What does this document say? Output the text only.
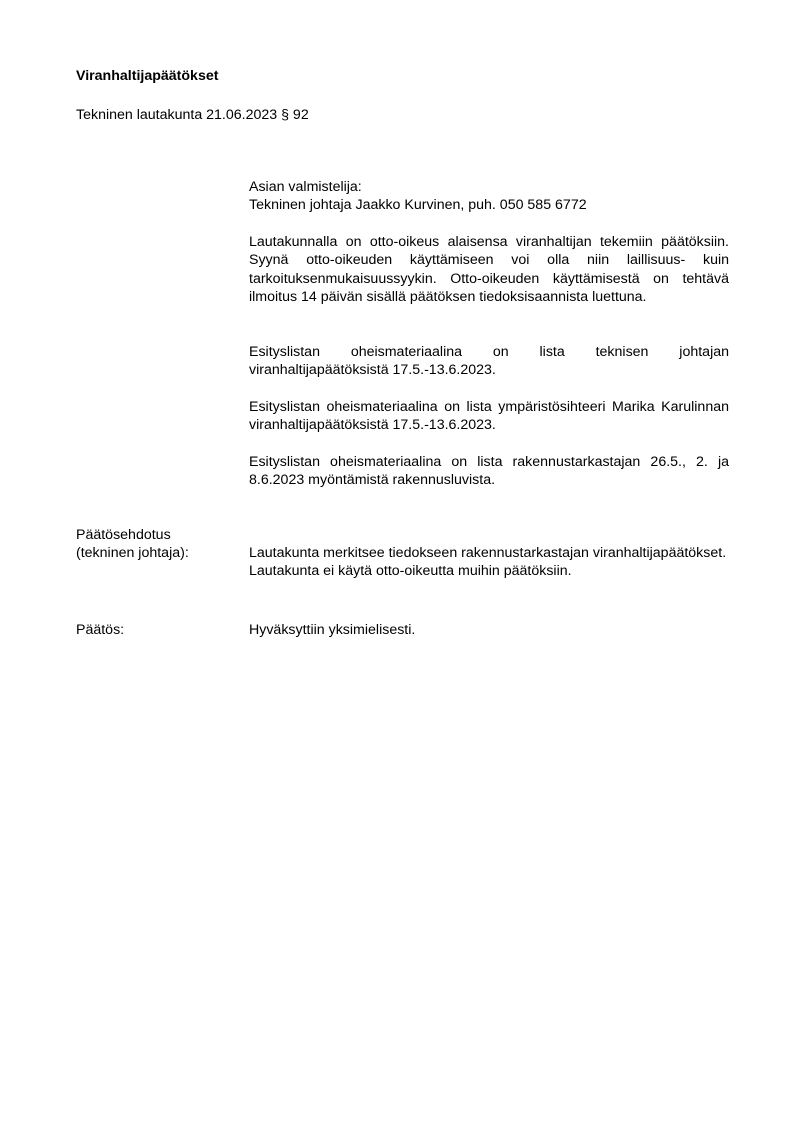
Viranhaltijapäätökset
Tekninen lautakunta 21.06.2023 § 92

Asian valmistelija:

Tekninen johtaja Jaakko Kurvinen, puh. 050 585 6772

Lautakunnalla on otto-oikeus alaisensa viranhaltijan tekemiin päätöksiin. Syynä otto-oikeuden käyttämiseen voi olla niin laillisuus- kuin tarkoituksenmukaisuussyykin. Otto-oikeuden käyttämisestä on tehtävä ilmoitus 14 päivän sisällä päätöksen tiedoksisaannista luettuna.
Esityslistan oheismateriaalina on lista teknisen johtajan viranhaltijapäätöksistä 17.5.-13.6.2023.
Esityslistan oheismateriaalina on lista ympäristösihteeri Marika Karulinnan viranhaltijapäätöksistä 17.5.-13.6.2023.
Esityslistan oheismateriaalina on lista rakennustarkastajan 26.5., 2. ja 8.6.2023 myöntämistä rakennusluvista.
Päätösehdotus
(tekninen johtaja):	Lautakunta merkitsee tiedokseen rakennustarkastajan viranhaltijapäätökset. Lautakunta ei käytä otto-oikeutta muihin päätöksiin.
Päätös:	Hyväksyttiin yksimielisesti.
